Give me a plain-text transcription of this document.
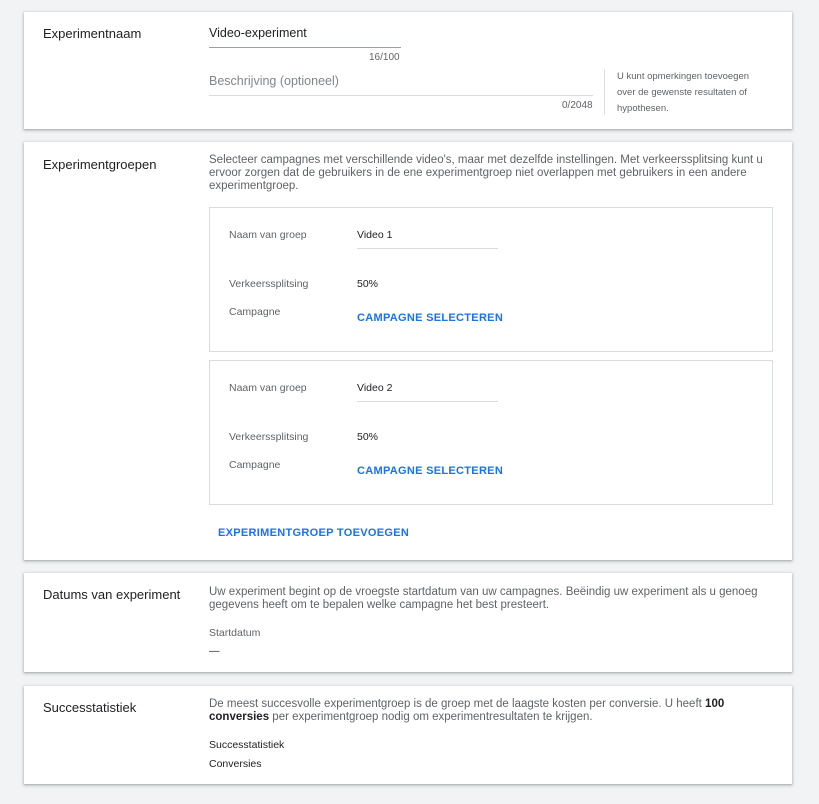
Experimentnaam	Video-experiment
16/100
Beschrijving (optioneel)
0/2048
U kunt opmerkingen toevoegen over de gewenste resultaten of hypothesen.
Experimentgroepen	Selecteer campagnes met verschillende video's, maar met dezelfde instellingen. Met verkeerssplitsing kunt u ervoor zorgen dat de gebruikers in de ene experimentgroep niet overlappen met gebruikers in een andere experimentgroep.
Naam van groep	Video 1
Verkeerssplitsing	50%
Campagne	CAMPAGNE SELECTEREN
Naam van groep	Video 2
Verkeerssplitsing	50%
Campagne	CAMPAGNE SELECTEREN
EXPERIMENTGROEP TOEVOEGEN
Datums van experiment Uw experiment begint op de vroegste startdatum van uw campagnes. Beëindig uw experiment als u genoeg gegevens heeft om te bepalen welke campagne het best presteert.
Startdatum
—
Successtatistiek	De meest succesvolle experimentgroep is de groep met de laagste kosten per conversie. U heeft 100 conversies per experimentgroep nodig om experimentresultaten te krijgen.
Successtatistiek
Conversies
